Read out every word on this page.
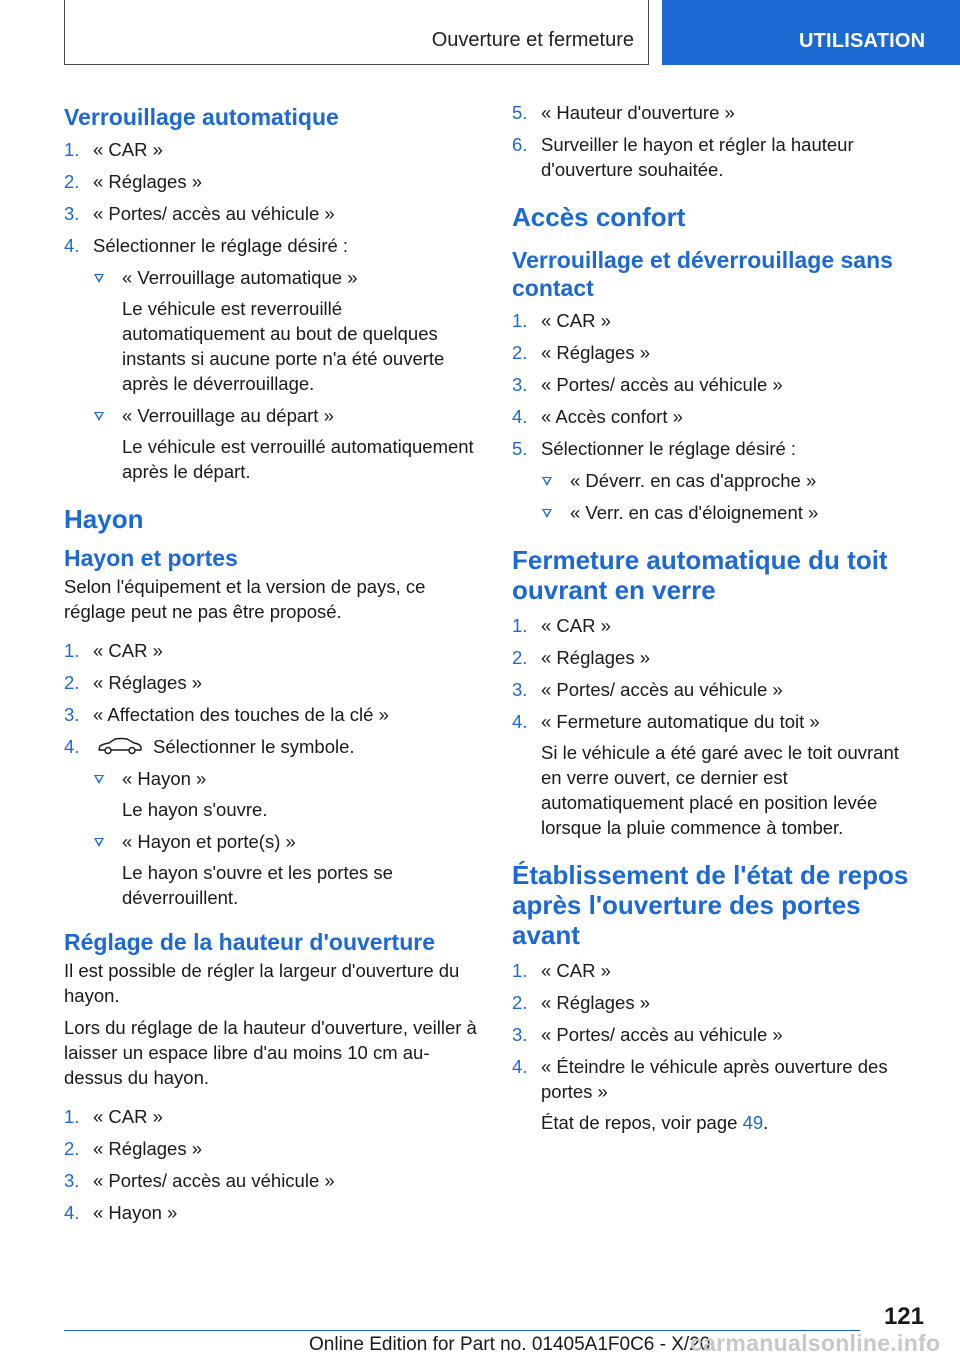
Ouverture et fermeture	UTILISATION
Verrouillage automatique
1. « CAR »
2. « Réglages »
3. « Portes/ accès au véhicule »
4. Sélectionner le réglage désiré :
« Verrouillage automatique »
Le véhicule est reverrouillé automatiquement au bout de quelques instants si aucune porte n'a été ouverte après le déverrouillage.
« Verrouillage au départ »
Le véhicule est verrouillé automatiquement après le départ.
Hayon
Hayon et portes
Selon l'équipement et la version de pays, ce réglage peut ne pas être proposé.
1. « CAR »
2. « Réglages »
3. « Affectation des touches de la clé »
4.	Sélectionner le symbole.
« Hayon »
Le hayon s'ouvre.
« Hayon et porte(s) »
Le hayon s'ouvre et les portes se déverrouillent.
Réglage de la hauteur d'ouverture
Il est possible de régler la largeur d'ouverture du hayon.
Lors du réglage de la hauteur d'ouverture, veiller à laisser un espace libre d'au moins 10 cm au-dessus du hayon.
1. « CAR »
2. « Réglages »
3. « Portes/ accès au véhicule »
4. « Hayon »
5. « Hauteur d'ouverture »
6. Surveiller le hayon et régler la hauteur d'ouverture souhaitée.
Accès confort
Verrouillage et déverrouillage sans contact
1. « CAR »
2. « Réglages »
3. « Portes/ accès au véhicule »
4. « Accès confort »
5. Sélectionner le réglage désiré :
« Déverr. en cas d'approche »
« Verr. en cas d'éloignement »
Fermeture automatique du toit ouvrant en verre
1. « CAR »
2. « Réglages »
3. « Portes/ accès au véhicule »
4. « Fermeture automatique du toit »
Si le véhicule a été garé avec le toit ouvrant en verre ouvert, ce dernier est automatiquement placé en position levée lorsque la pluie commence à tomber.
Établissement de l'état de repos après l'ouverture des portes avant
1. « CAR »
2. « Réglages »
3. « Portes/ accès au véhicule »
4. « Éteindre le véhicule après ouverture des portes »
État de repos, voir page 49.
121
Online Edition for Part no. 01405A1F0C6 - X/20
carmanualsonline.info
